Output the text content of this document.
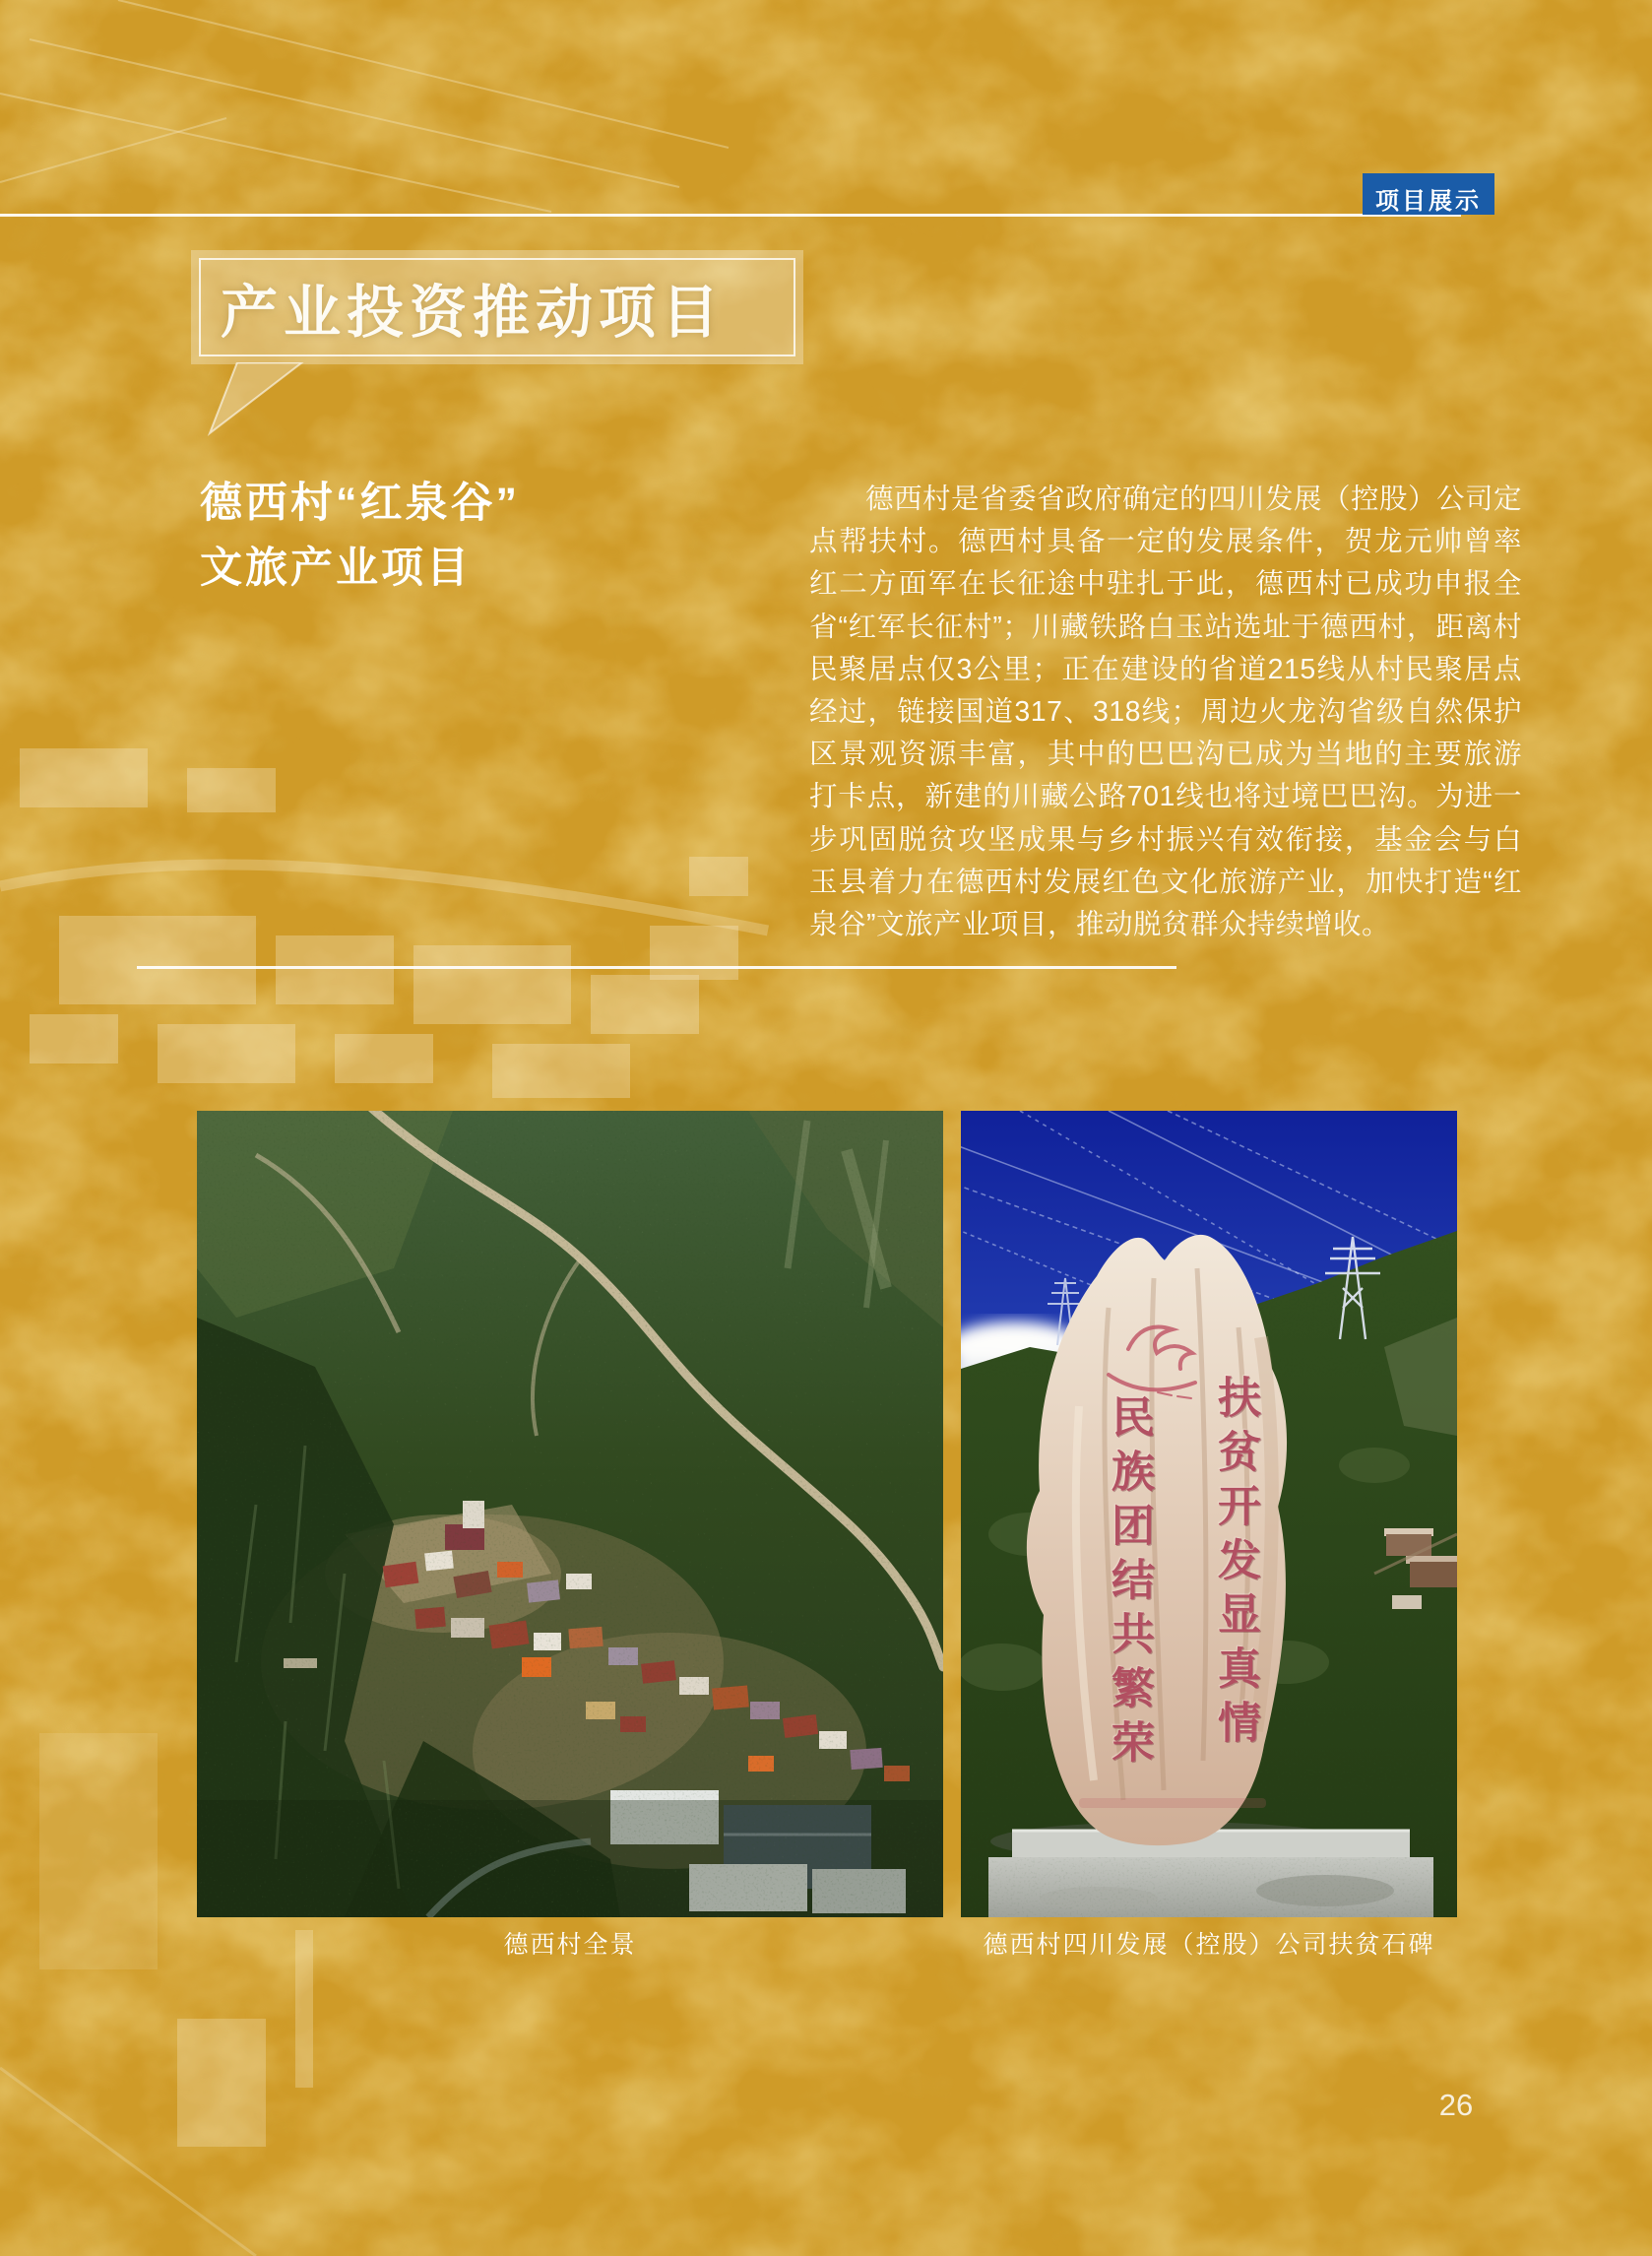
项目展示
产业投资推动项目
德西村“红泉谷”
文旅产业项目
德西村是省委省政府确定的四川发展（控股）公司定点帮扶村。德西村具备一定的发展条件，贺龙元帅曾率红二方面军在长征途中驻扎于此，德西村已成功申报全省“红军长征村”；川藏铁路白玉站选址于德西村，距离村民聚居点仅3公里；正在建设的省道215线从村民聚居点经过，链接国道317、318线；周边火龙沟省级自然保护区景观资源丰富，其中的巴巴沟已成为当地的主要旅游打卡点，新建的川藏公路701线也将过境巴巴沟。为进一步巩固脱贫攻坚成果与乡村振兴有效衔接，基金会与白玉县着力在德西村发展红色文化旅游产业，加快打造“红泉谷”文旅产业项目，推动脱贫群众持续增收。
扶贫开发显真情
民族团结共繁荣
德西村全景	德西村四川发展（控股）公司扶贫石碑
26
